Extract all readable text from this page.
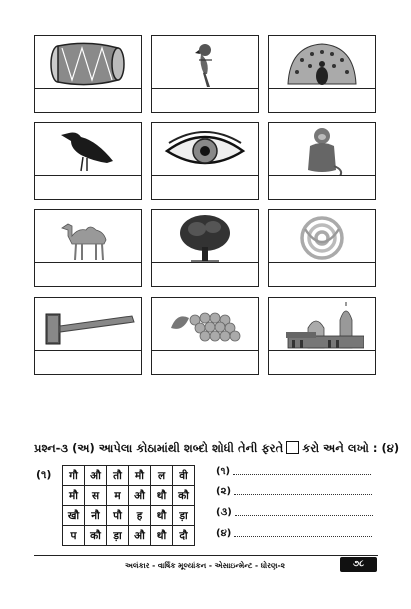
પ્રશ્ન-૩ (અ) આપેલા કોઠામાંથી શબ્દો શોધી તેની ફરતે કરો અને લખો : (૪)
(૧) गौ	औ	तौ	मौ	ल	वी
मौ	स	म	औ	थौ	कौ
खौ	नौ	पौ	ह	थौ	ड़ा
प	कौ	ड़ा	औ	थौ	दौ
(૧)
(૨)
(૩)
(૪)
અલંકાર - વાર્ષિક મૂલ્યાંકન - એસાઇન્મેન્ટ - ધોરણ-૨	૭૮
